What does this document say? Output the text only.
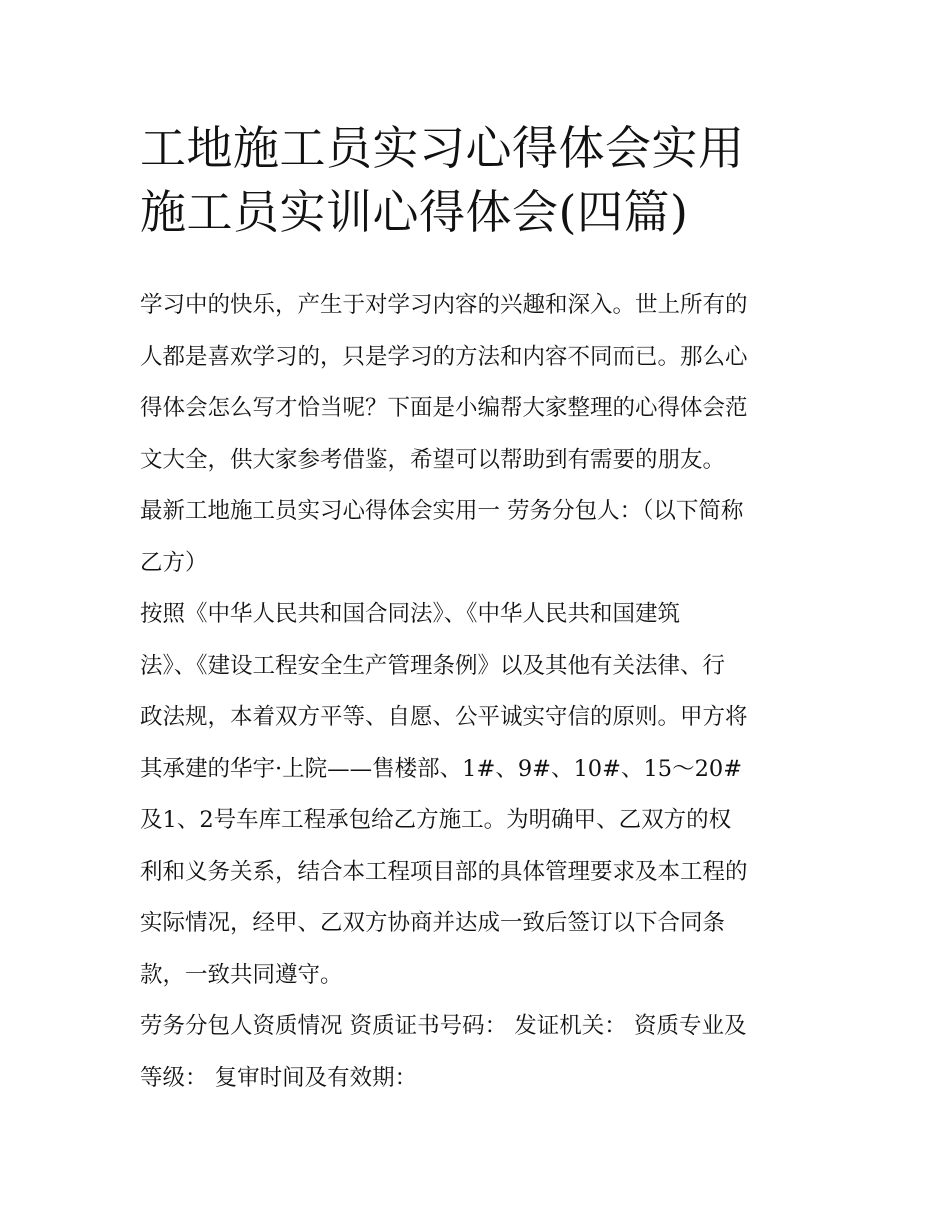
工地施工员实习心得体会实用
施工员实训心得体会(四篇)
学习中的快乐，产生于对学习内容的兴趣和深入。世上所有的
人都是喜欢学习的，只是学习的方法和内容不同而已。那么心
得体会怎么写才恰当呢？下面是小编帮大家整理的心得体会范
文大全，供大家参考借鉴，希望可以帮助到有需要的朋友。
最新工地施工员实习心得体会实用一 劳务分包人：（以下简称
乙方）
按照《中华人民共和国合同法》、《中华人民共和国建筑
法》、《建设工程安全生产管理条例》以及其他有关法律、行
政法规，本着双方平等、自愿、公平诚实守信的原则。甲方将
其承建的华宇·上院——售楼部、1#、9#、10#、15～20#
及1、2号车库工程承包给乙方施工。为明确甲、乙双方的权
利和义务关系，结合本工程项目部的具体管理要求及本工程的
实际情况，经甲、乙双方协商并达成一致后签订以下合同条
款，一致共同遵守。
劳务分包人资质情况 资质证书号码： 发证机关： 资质专业及
等级： 复审时间及有效期：
